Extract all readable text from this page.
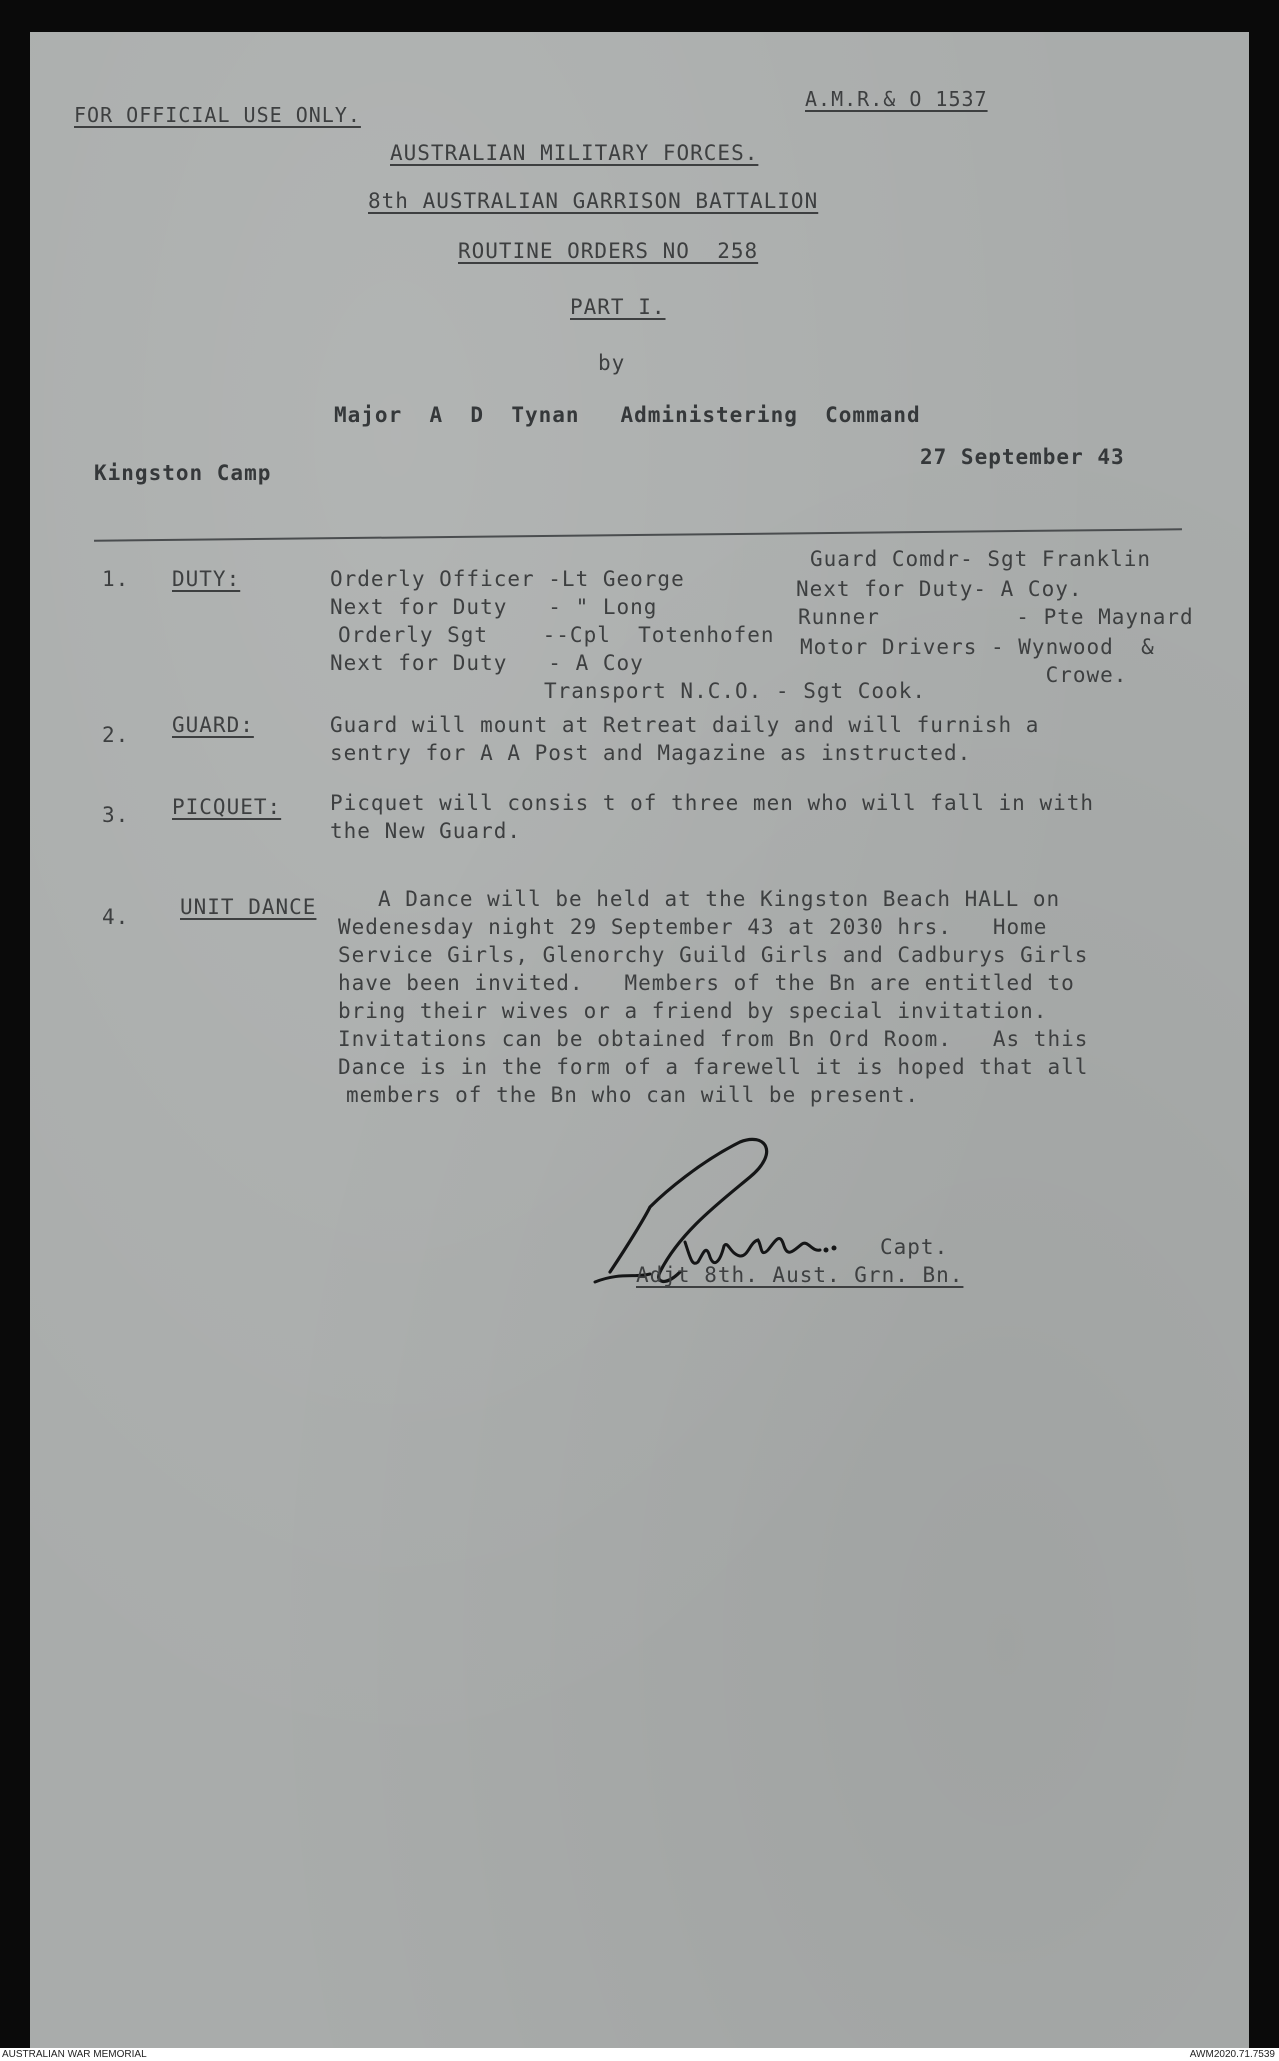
FOR OFFICIAL USE ONLY.
A.M.R.& O 1537
AUSTRALIAN MILITARY FORCES.
8th AUSTRALIAN GARRISON BATTALION
ROUTINE ORDERS NO  258
PART I.
by
Major  A  D  Tynan   Administering  Command
Kingston Camp
27 September 43
1. DUTY:	Orderly Officer -Lt George
Next for Duty   - " Long
Orderly Sgt    --Cpl  Totenhofen
Next for Duty   - A Coy
Guard Comdr- Sgt Franklin
Next for Duty- A Coy.
Runner          - Pte Maynard
Motor Drivers - Wynwood  &
Crowe.
Transport N.C.O. - Sgt Cook.
2. GUARD:	Guard will mount at Retreat daily and will furnish a
sentry for A A Post and Magazine as instructed.
3. PICQUET: Picquet will consis t of three men who will fall in with
the New Guard.
4. UNIT DANCE	A Dance will be held at the Kingston Beach HALL on
Wedenesday night 29 September 43 at 2030 hrs.   Home
Service Girls, Glenorchy Guild Girls and Cadburys Girls
have been invited.   Members of the Bn are entitled to
bring their wives or a friend by special invitation.
Invitations can be obtained from Bn Ord Room.   As this
Dance is in the form of a farewell it is hoped that all
members of the Bn who can will be present.
Capt.
Adjt 8th. Aust. Grn. Bn.
AUSTRALIAN WAR MEMORIAL	AWM2020.71.7539
